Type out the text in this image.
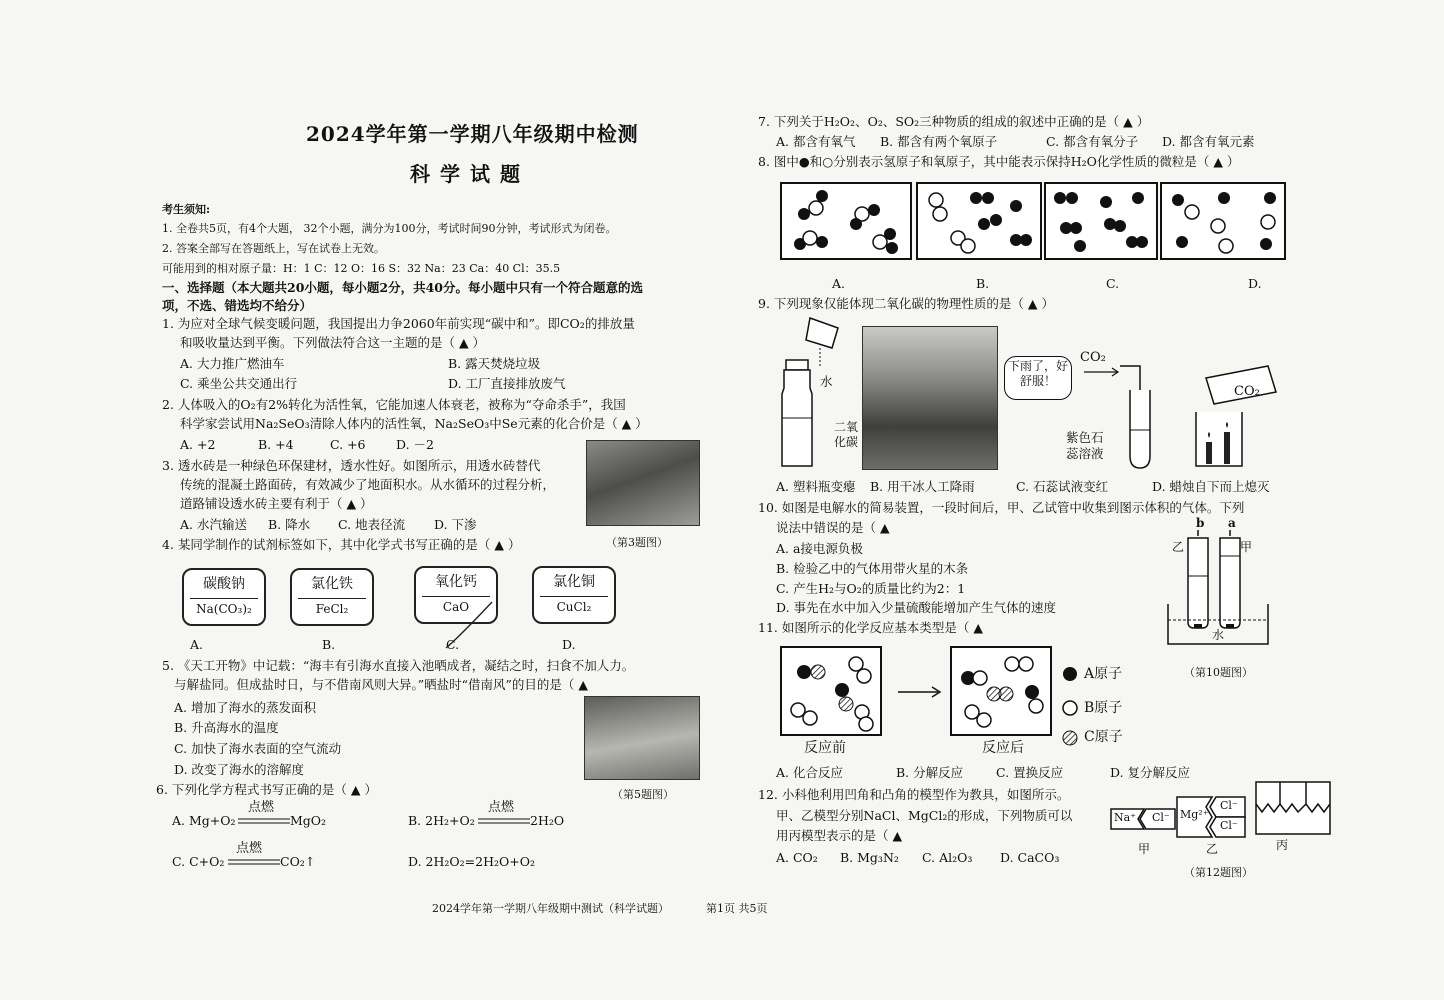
2024学年第一学期八年级期中检测
科学试题
考生须知:
1. 全卷共5页，有4个大题， 32个小题，满分为100分，考试时间90分钟，考试形式为闭卷。
2. 答案全部写在答题纸上，写在试卷上无效。
可能用到的相对原子量：H：1 C：12 O：16 S：32 Na：23 Ca：40 Cl：35.5
一、选择题（本大题共20小题，每小题2分，共40分。每小题中只有一个符合题意的选
项，不选、错选均不给分）
1. 为应对全球气候变暖问题，我国提出力争2060年前实现“碳中和”。即CO₂的排放量
和吸收量达到平衡。下列做法符合这一主题的是（ ▲ ）
A. 大力推广燃油车	B. 露天焚烧垃圾
C. 乘坐公共交通出行	D. 工厂直接排放废气
2. 人体吸入的O₂有2%转化为活性氧，它能加速人体衰老，被称为“夺命杀手”，我国
科学家尝试用Na₂SeO₃清除人体内的活性氧，Na₂SeO₃中Se元素的化合价是（ ▲ ）
A. +2	B. +4	C. +6 D. －2
3. 透水砖是一种绿色环保建材，透水性好。如图所示，用透水砖替代
传统的混凝土路面砖，有效减少了地面积水。从水循环的过程分析，
道路铺设透水砖主要有利于（ ▲ ）
A. 水汽输送 B. 降水 C. 地表径流 D. 下渗
（第3题图）
4. 某同学制作的试剂标签如下，其中化学式书写正确的是（ ▲ ）
碳酸钠
Na(CO₃)₂
氯化铁
FeCl₂
氧化钙
CaO
氯化铜
CuCl₂
A.	B.	C.	D.
5. 《天工开物》中记载：“海丰有引海水直接入池晒成者，凝结之时，扫食不加人力。
与解盐同。但成盐时日，与不借南风则大异。”晒盐时“借南风”的目的是（ ▲
A. 增加了海水的蒸发面积
B. 升高海水的温度
C. 加快了海水表面的空气流动
D. 改变了海水的溶解度
（第5题图）
6. 下列化学方程式书写正确的是（ ▲ ）
A. Mg+O₂
点燃
MgO₂	B. 2H₂+O₂
点燃
2H₂O
C. C+O₂
点燃
CO₂↑	D. 2H₂O₂=2H₂O+O₂
7. 下列关于H₂O₂、O₂、SO₂三种物质的组成的叙述中正确的是（ ▲ ）
A. 都含有氧气 B. 都含有两个氧原子	C. 都含有氧分子 D. 都含有氧元素
8. 图中●和○分别表示氢原子和氧原子，其中能表示保持H₂O化学性质的微粒是（ ▲ ）
A.	B.	C.	D.
9. 下列现象仅能体现二氧化碳的物理性质的是（ ▲ ）
水
二氧化碳
下雨了，好舒服！
CO₂
紫色石蕊溶液
CO₂
A. 塑料瓶变瘪 B. 用干冰人工降雨	C. 石蕊试液变红	D. 蜡烛自下而上熄灭
10. 如图是电解水的简易装置，一段时间后，甲、乙试管中收集到图示体积的气体。下列
说法中错误的是（ ▲
A. a接电源负极
B. 检验乙中的气体用带火星的木条
C. 产生H₂与O₂的质量比约为2：1
D. 事先在水中加入少量硫酸能增加产生气体的速度
b a
乙	甲
水
（第10题图）
11. 如图所示的化学反应基本类型是（ ▲
反应前	反应后
A原子
B原子
C原子
A. 化合反应	B. 分解反应	C. 置换反应	D. 复分解反应
12. 小科他利用凹角和凸角的模型作为教具，如图所示。
甲、乙模型分别NaCl、MgCl₂的形成，下列物质可以
用丙模型表示的是（ ▲
A. CO₂ B. Mg₃N₂ C. Al₂O₃ D. CaCO₃
Na⁺ Cl⁻ Mg²⁺
Cl⁻
Cl⁻
甲	乙	丙
（第12题图）
2024学年第一学期八年级期中测试（科学试题）	第1页 共5页
